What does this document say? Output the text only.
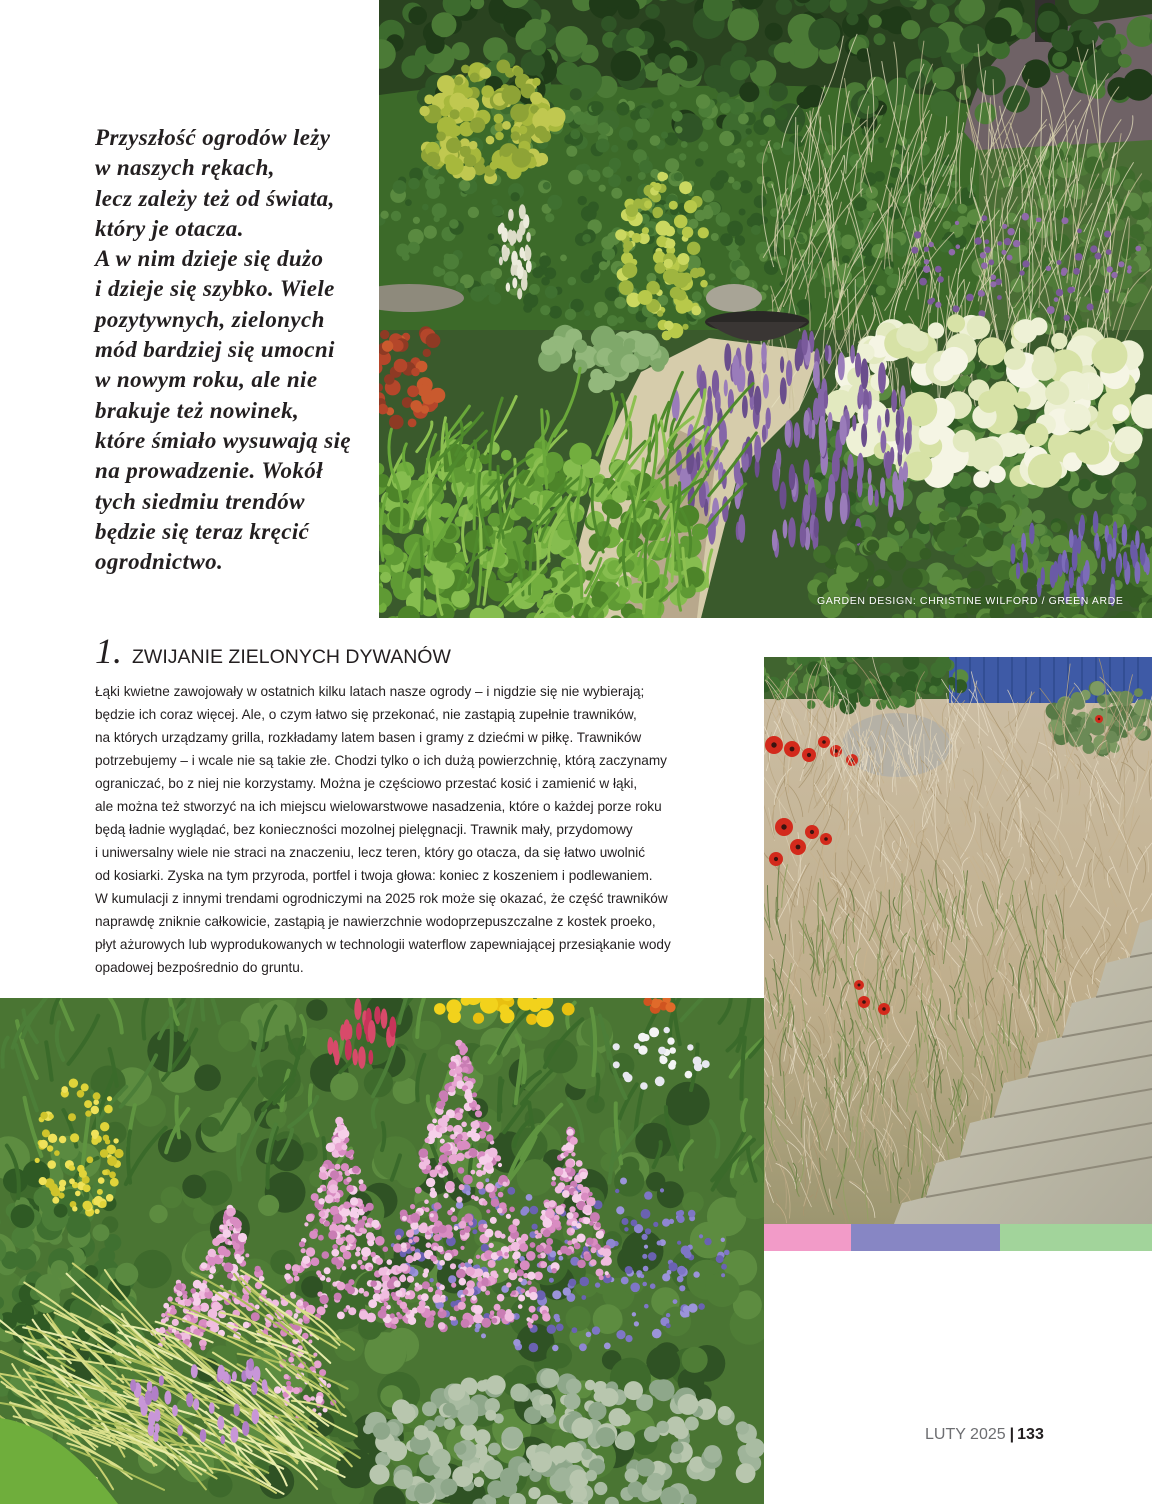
GARDEN DESIGN: CHRISTINE WILFORD / GREEN ARDE
Przyszłość ogrodów leży
w naszych rękach,
lecz zależy też od świata,
który je otacza.
A w nim dzieje się dużo
i dzieje się szybko. Wiele
pozytywnych, zielonych
mód bardziej się umocni
w nowym roku, ale nie
brakuje też nowinek,
które śmiało wysuwają się
na prowadzenie. Wokół
tych siedmiu trendów
będzie się teraz kręcić
ogrodnictwo.
1. ZWIJANIE ZIELONYCH DYWANÓW
Łąki kwietne zawojowały w ostatnich kilku latach nasze ogrody – i nigdzie się nie wybierają;
będzie ich coraz więcej. Ale, o czym łatwo się przekonać, nie zastąpią zupełnie trawników,
na których urządzamy grilla, rozkładamy latem basen i gramy z dziećmi w piłkę. Trawników
potrzebujemy – i wcale nie są takie złe. Chodzi tylko o ich dużą powierzchnię, którą zaczynamy
ograniczać, bo z niej nie korzystamy. Można je częściowo przestać kosić i zamienić w łąki,
ale można też stworzyć na ich miejscu wielowarstwowe nasadzenia, które o każdej porze roku
będą ładnie wyglądać, bez konieczności mozolnej pielęgnacji. Trawnik mały, przydomowy
i uniwersalny wiele nie straci na znaczeniu, lecz teren, który go otacza, da się łatwo uwolnić
od kosiarki. Zyska na tym przyroda, portfel i twoja głowa: koniec z koszeniem i podlewaniem.
W kumulacji z innymi trendami ogrodniczymi na 2025 rok może się okazać, że część trawników
naprawdę zniknie całkowicie, zastąpią je nawierzchnie wodoprzepuszczalne z kostek proeko,
płyt ażurowych lub wyprodukowanych w technologii waterflow zapewniającej przesiąkanie wody
opadowej bezpośrednio do gruntu.
LUTY 2025 | 133
